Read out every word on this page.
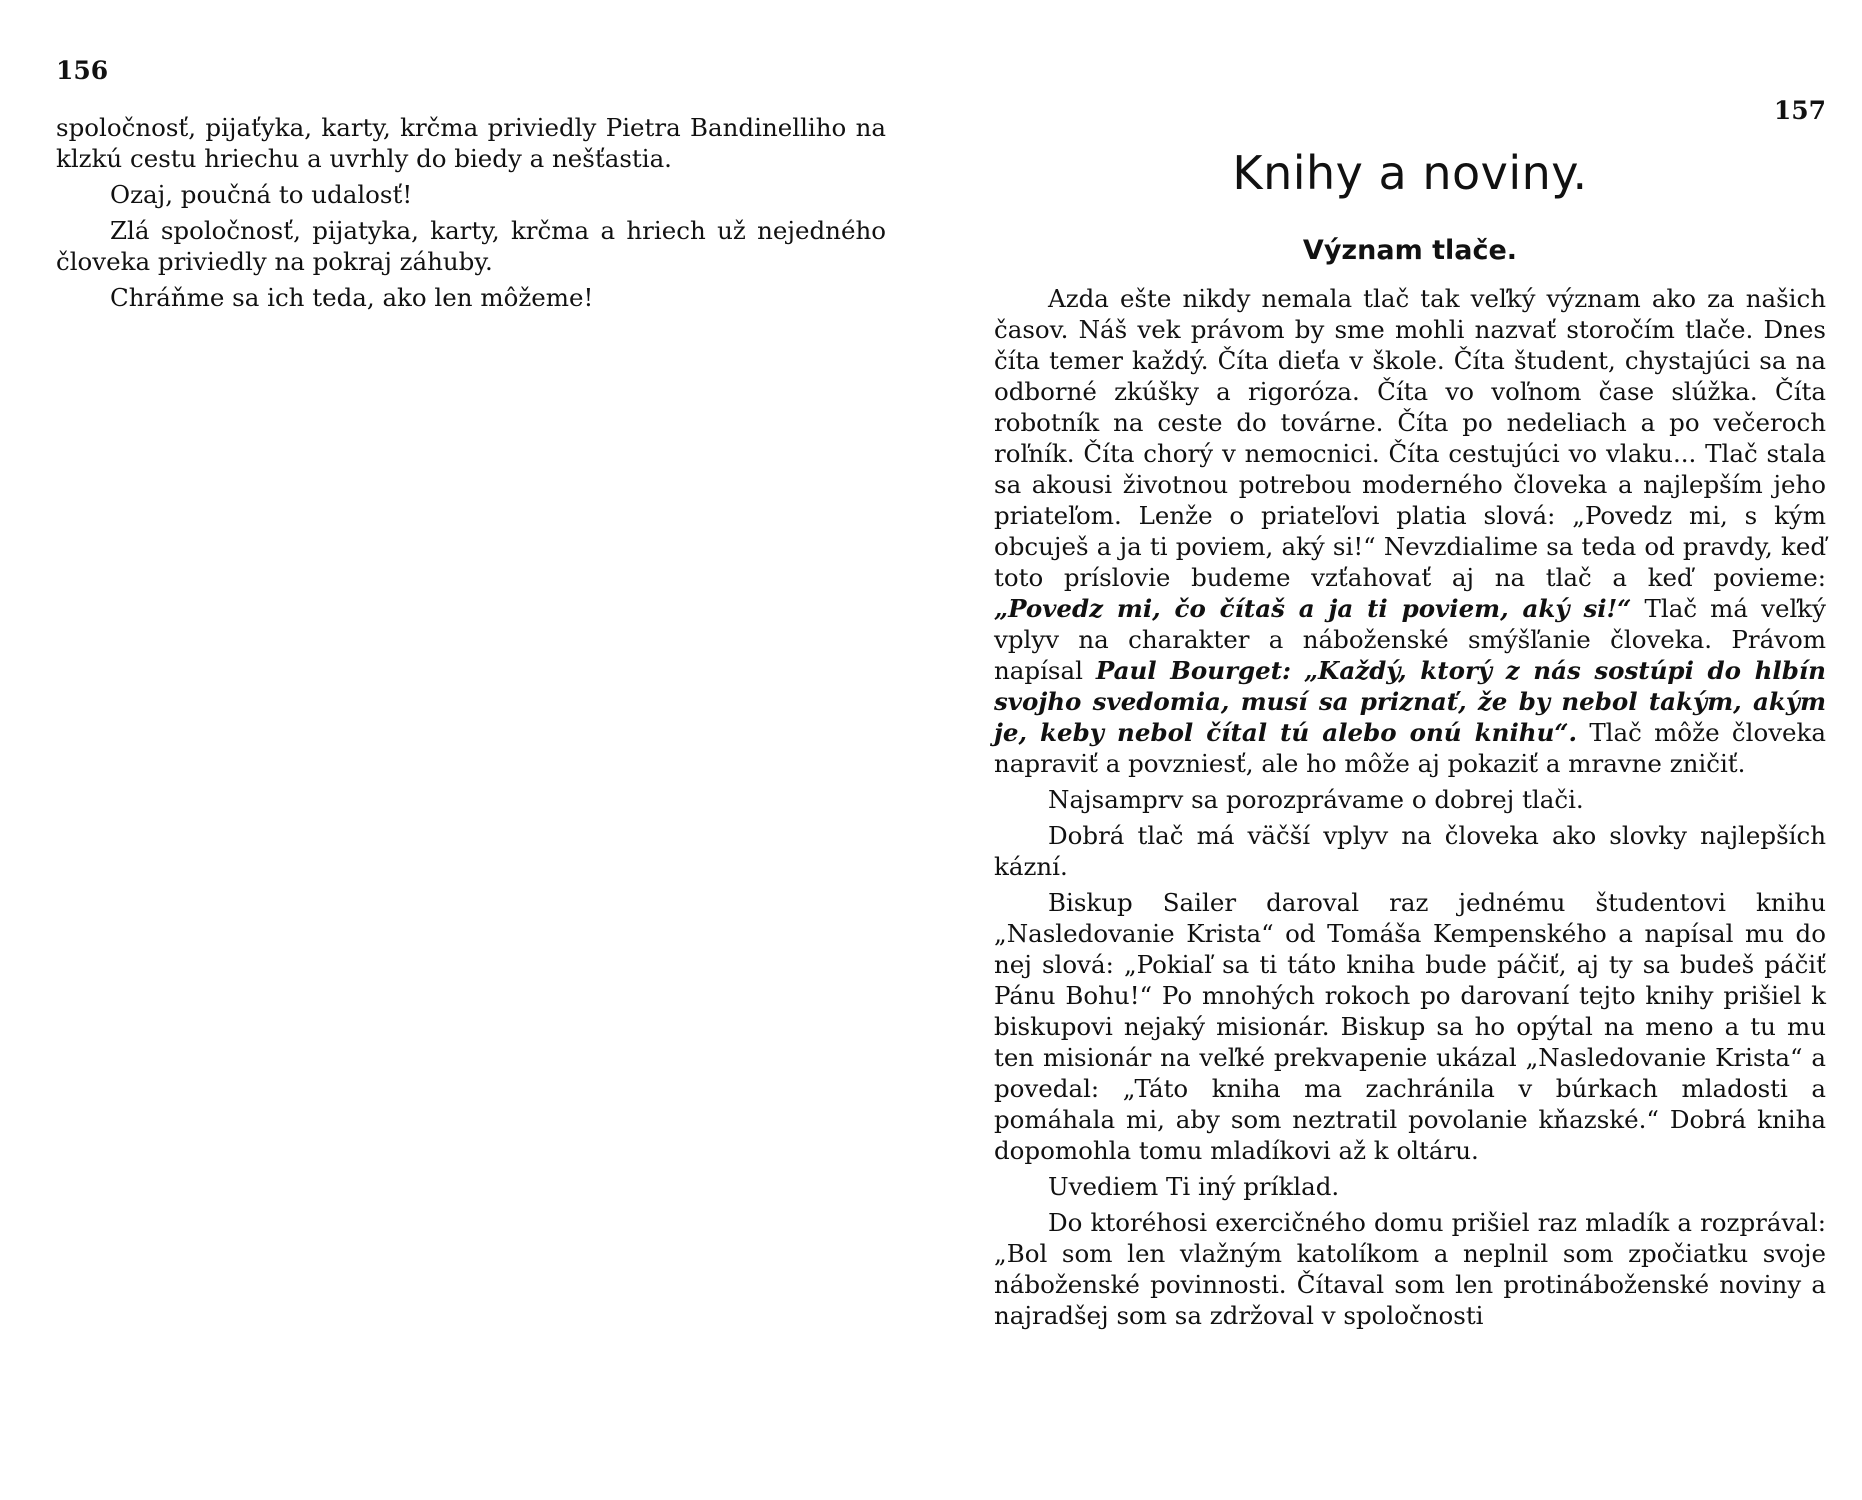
156

spoločnosť, pijaťyka, karty, krčma priviedly Pietra Bandinelliho na klzkú cestu hriechu a uvrhly do biedy a nešťastia.

Ozaj, poučná to udalosť!

Zlá spoločnosť, pijatyka, karty, krčma a hriech už nejedného človeka priviedly na pokraj záhuby.

Chráňme sa ich teda, ako len môžeme!

157
Knihy a noviny.
Význam tlače.

Azda ešte nikdy nemala tlač tak veľký význam ako za našich časov. Náš vek právom by sme mohli nazvať storočím tlače. Dnes číta temer každý. Číta dieťa v škole. Číta študent, chystajúci sa na odborné zkúšky a rigoróza. Číta vo voľnom čase slúžka. Číta robotník na ceste do továrne. Číta po nedeliach a po večeroch roľník. Číta chorý v nemocnici. Číta cestujúci vo vlaku... Tlač stala sa akousi životnou potrebou moderného človeka a najlepším jeho priateľom. Lenže o priateľovi platia slová: „Povedz mi, s kým obcuješ a ja ti poviem, aký si!“ Nevzdialime sa teda od pravdy, keď toto príslovie budeme vzťahovať aj na tlač a keď povieme: „Povedz mi, čo čítaš a ja ti poviem, aký si!“ Tlač má veľký vplyv na charakter a náboženské smýšľanie človeka. Právom napísal Paul Bourget: „Každý, ktorý z nás sostúpi do hlbín svojho svedomia, musí sa priznať, že by nebol takým, akým je, keby nebol čítal tú alebo onú knihu“. Tlač môže človeka napraviť a povzniesť, ale ho môže aj pokaziť a mravne zničiť.

Najsamprv sa porozprávame o dobrej tlači.

Dobrá tlač má väčší vplyv na človeka ako slovky najlepších kázní.

Biskup Sailer daroval raz jednému študentovi knihu „Nasledovanie Krista“ od Tomáša Kempenského a napísal mu do nej slová: „Pokiaľ sa ti táto kniha bude páčiť, aj ty sa budeš páčiť Pánu Bohu!“ Po mnohých rokoch po darovaní tejto knihy prišiel k biskupovi nejaký misionár. Biskup sa ho opýtal na meno a tu mu ten misionár na veľké prekvapenie ukázal „Nasledovanie Krista“ a povedal: „Táto kniha ma zachránila v búrkach mladosti a pomáhala mi, aby som neztratil povolanie kňazské.“ Dobrá kniha dopomohla tomu mladíkovi až k oltáru.

Uvediem Ti iný príklad.

Do ktoréhosi exercičného domu prišiel raz mladík a rozprával: „Bol som len vlažným katolíkom a neplnil som zpočiatku svoje náboženské povinnosti. Čítaval som len protináboženské noviny a najradšej som sa zdržoval v spoločnosti
